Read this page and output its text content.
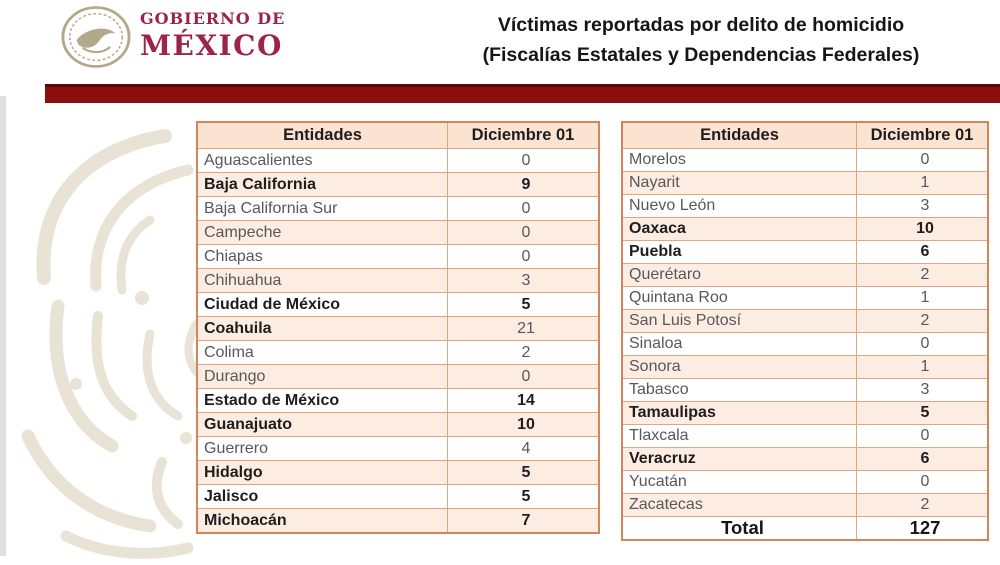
GOBIERNO DE
MÉXICO
Víctimas reportadas por delito de homicidio
(Fiscalías Estatales y Dependencias Federales)
Entidades	Diciembre 01
Aguascalientes	0
Baja California	9
Baja California Sur	0
Campeche	0
Chiapas	0
Chihuahua	3
Ciudad de México	5
Coahuila	21
Colima	2
Durango	0
Estado de México	14
Guanajuato	10
Guerrero	4
Hidalgo	5
Jalisco	5
Michoacán	7
Entidades	Diciembre 01
Morelos	0
Nayarit	1
Nuevo León	3
Oaxaca	10
Puebla	6
Querétaro	2
Quintana Roo	1
San Luis Potosí	2
Sinaloa	0
Sonora	1
Tabasco	3
Tamaulipas	5
Tlaxcala	0
Veracruz	6
Yucatán	0
Zacatecas	2
Total	127
